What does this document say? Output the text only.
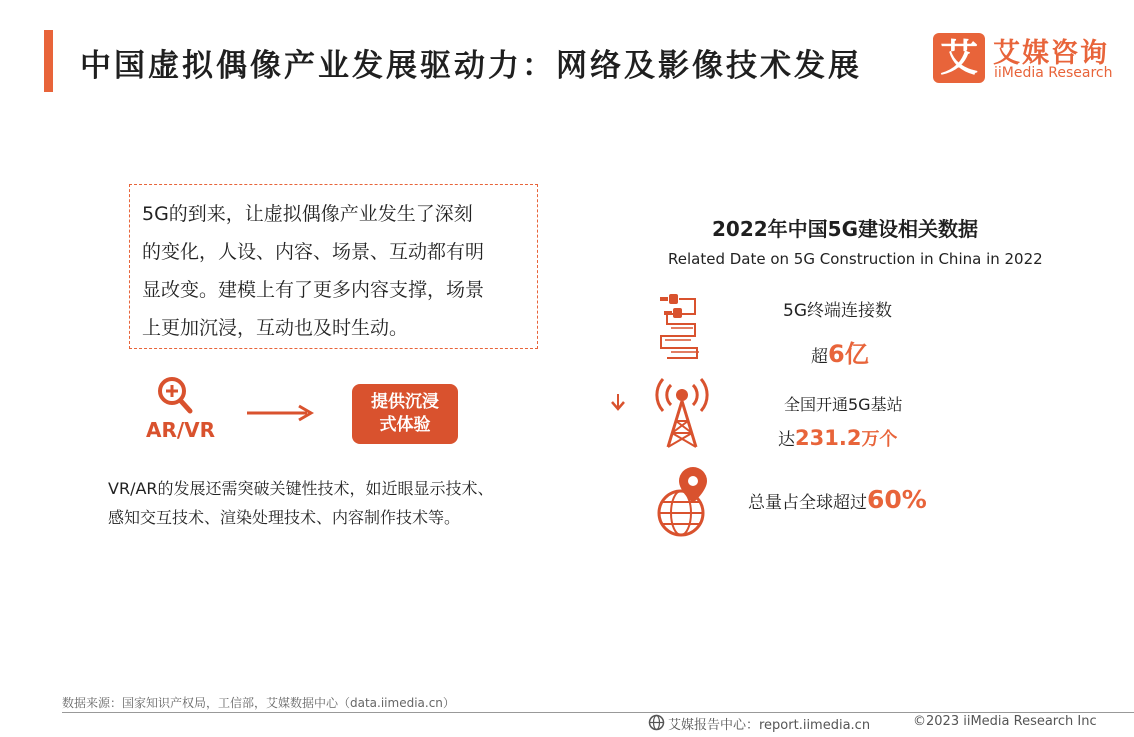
中国虚拟偶像产业发展驱动力：网络及影像技术发展 艾 艾媒咨询
iiMedia Research

5G的到来，让虚拟偶像产业发生了深刻

的变化，人设、内容、场景、互动都有明

显改变。建模上有了更多内容支撑，场景

上更加沉浸，互动也及时生动。

AR/VR
提供沉浸
式体验
VR/AR的发展还需突破关键性技术，如近眼显示技术、
感知交互技术、渲染处理技术、内容制作技术等。
2022年中国5G建设相关数据
Related Date on 5G Construction in China in 2022
5G终端连接数
超6亿
全国开通5G基站
达231.2万个
总量占全球超过60%
数据来源：国家知识产权局，工信部，艾媒数据中心（data.iimedia.cn）
艾媒报告中心：report.iimedia.cn	©2023 iiMedia Research Inc
